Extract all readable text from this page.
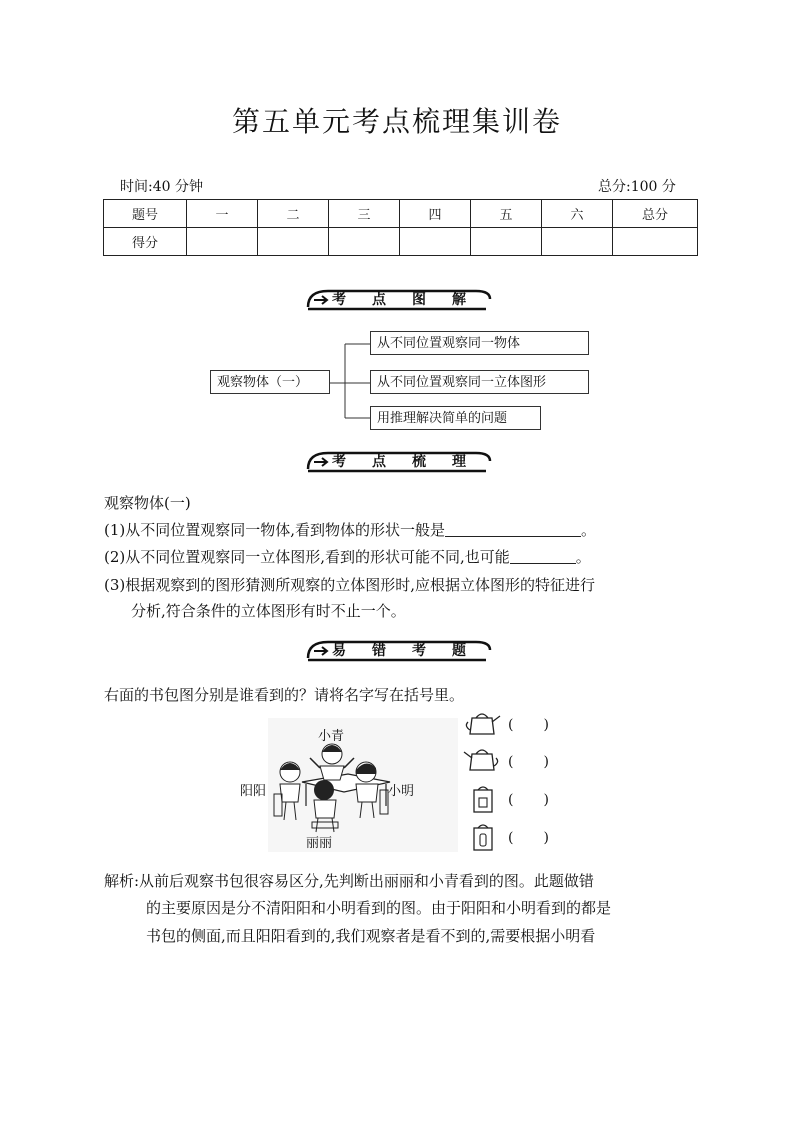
第五单元考点梳理集训卷
时间:40 分钟	总分:100 分
题号	一	二	三	四	五	六	总分
得分							
考点图解
观察物体（一）
从不同位置观察同一物体
从不同位置观察同一立体图形
用推理解决简单的问题
考点梳理
观察物体(一)
(1)从不同位置观察同一物体,看到物体的形状一般是	。
(2)从不同位置观察同一立体图形,看到的形状可能不同,也可能	。
(3)根据观察到的图形猜测所观察的立体图形时,应根据立体图形的特征进行
分析,符合条件的立体图形有时不止一个。
易错考题
右面的书包图分别是谁看到的？请将名字写在括号里。
小青
阳阳	小明
丽丽
( )
( )
( )
( )
解析:从前后观察书包很容易区分,先判断出丽丽和小青看到的图。此题做错
的主要原因是分不清阳阳和小明看到的图。由于阳阳和小明看到的都是
书包的侧面,而且阳阳看到的,我们观察者是看不到的,需要根据小明看
